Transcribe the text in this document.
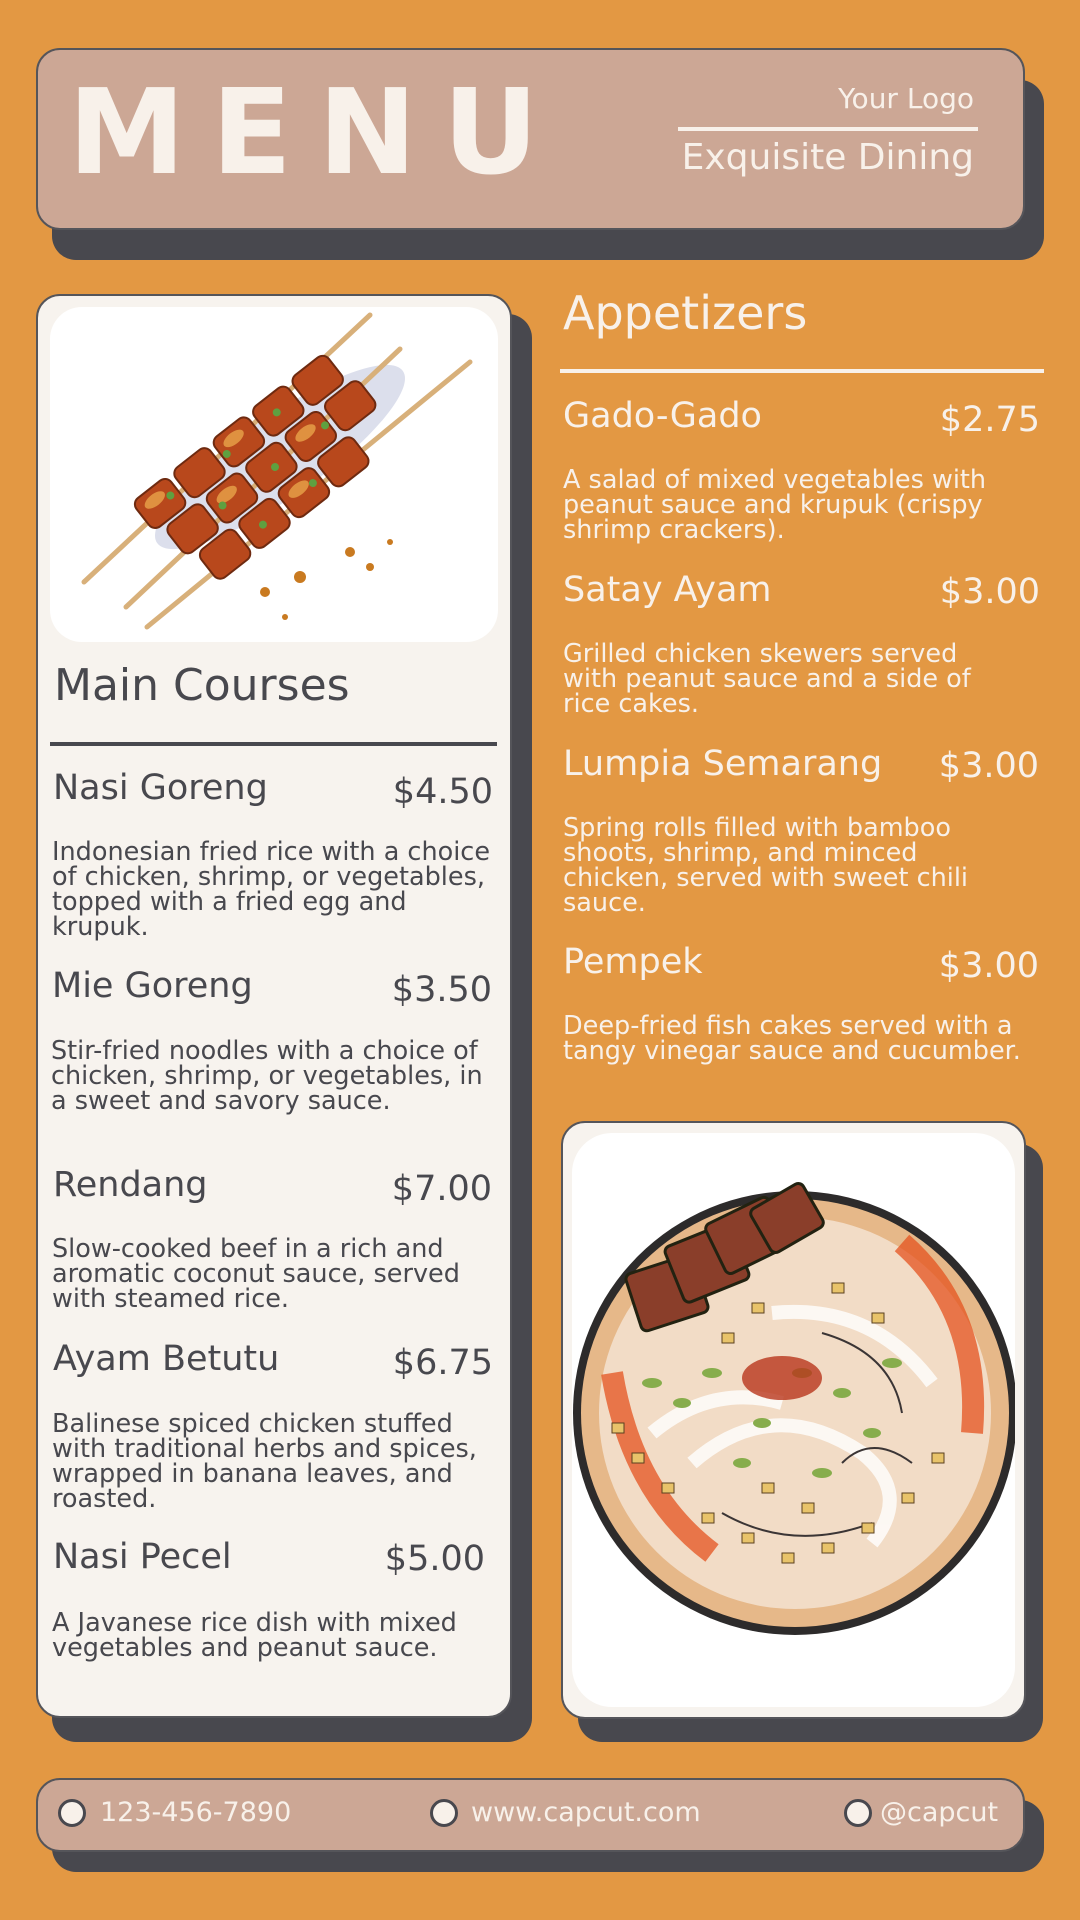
MENU	Your Logo
Exquisite Dining
Main Courses
Nasi Goreng	$4.50
Indonesian fried rice with a choice of chicken, shrimp, or vegetables, topped with a fried egg and krupuk.
Mie Goreng	$3.50
Stir-fried noodles with a choice of chicken, shrimp, or vegetables, in a sweet and savory sauce.
Rendang	$7.00
Slow-cooked beef in a rich and aromatic coconut sauce, served with steamed rice.
Ayam Betutu	$6.75
Balinese spiced chicken stuffed with traditional herbs and spices, wrapped in banana leaves, and roasted.
Nasi Pecel	$5.00
A Javanese rice dish with mixed vegetables and peanut sauce.
Appetizers
Gado-Gado	$2.75
A salad of mixed vegetables with peanut sauce and krupuk (crispy shrimp crackers).
Satay Ayam	$3.00
Grilled chicken skewers served with peanut sauce and a side of rice cakes.
Lumpia Semarang $3.00
Spring rolls filled with bamboo shoots, shrimp, and minced chicken, served with sweet chili sauce.
Pempek	$3.00
Deep-fried fish cakes served with a tangy vinegar sauce and cucumber.
123-456-7890	www.capcut.com	@capcut
